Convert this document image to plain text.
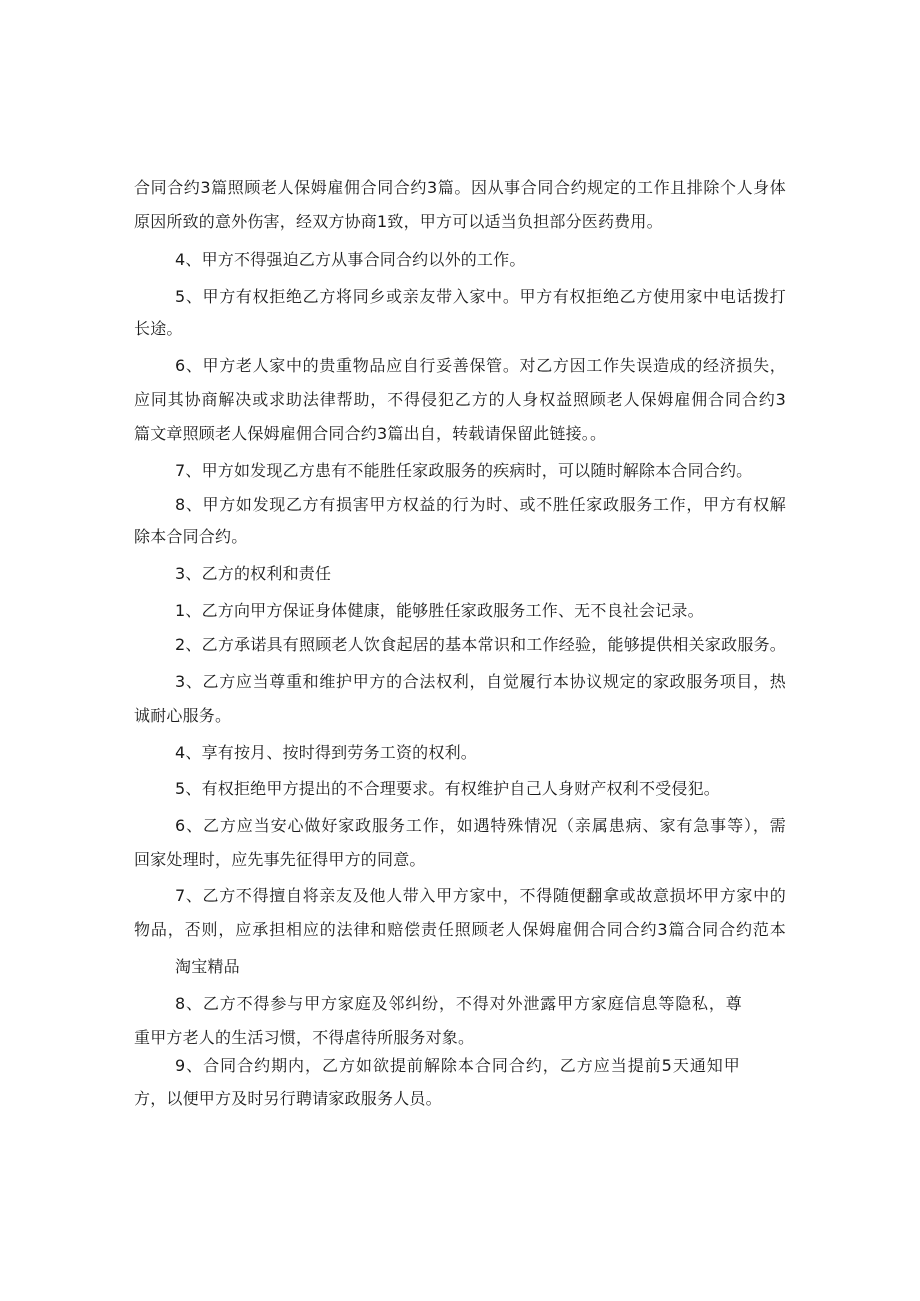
合同合约3篇照顾老人保姆雇佣合同合约3篇。因从事合同合约规定的工作且排除个人身体
原因所致的意外伤害，经双方协商1致，甲方可以适当负担部分医药费用。
4、甲方不得强迫乙方从事合同合约以外的工作。
5、甲方有权拒绝乙方将同乡或亲友带入家中。甲方有权拒绝乙方使用家中电话拨打
长途。
6、甲方老人家中的贵重物品应自行妥善保管。对乙方因工作失误造成的经济损失，
应同其协商解决或求助法律帮助，不得侵犯乙方的人身权益照顾老人保姆雇佣合同合约3
篇文章照顾老人保姆雇佣合同合约3篇出自，转载请保留此链接。。
7、甲方如发现乙方患有不能胜任家政服务的疾病时，可以随时解除本合同合约。
8、甲方如发现乙方有损害甲方权益的行为时、或不胜任家政服务工作，甲方有权解
除本合同合约。
3、乙方的权利和责任
1、乙方向甲方保证身体健康，能够胜任家政服务工作、无不良社会记录。
2、乙方承诺具有照顾老人饮食起居的基本常识和工作经验，能够提供相关家政服务。
3、乙方应当尊重和维护甲方的合法权利，自觉履行本协议规定的家政服务项目，热
诚耐心服务。
4、享有按月、按时得到劳务工资的权利。
5、有权拒绝甲方提出的不合理要求。有权维护自己人身财产权利不受侵犯。
6、乙方应当安心做好家政服务工作，如遇特殊情况（亲属患病、家有急事等），需
回家处理时，应先事先征得甲方的同意。
7、乙方不得擅自将亲友及他人带入甲方家中，不得随便翻拿或故意损坏甲方家中的
物品，否则，应承担相应的法律和赔偿责任照顾老人保姆雇佣合同合约3篇合同合约范本
淘宝精品
8、乙方不得参与甲方家庭及邻纠纷，不得对外泄露甲方家庭信息等隐私，尊
重甲方老人的生活习惯，不得虐待所服务对象。
9、合同合约期内，乙方如欲提前解除本合同合约，乙方应当提前5天通知甲
方，以便甲方及时另行聘请家政服务人员。
